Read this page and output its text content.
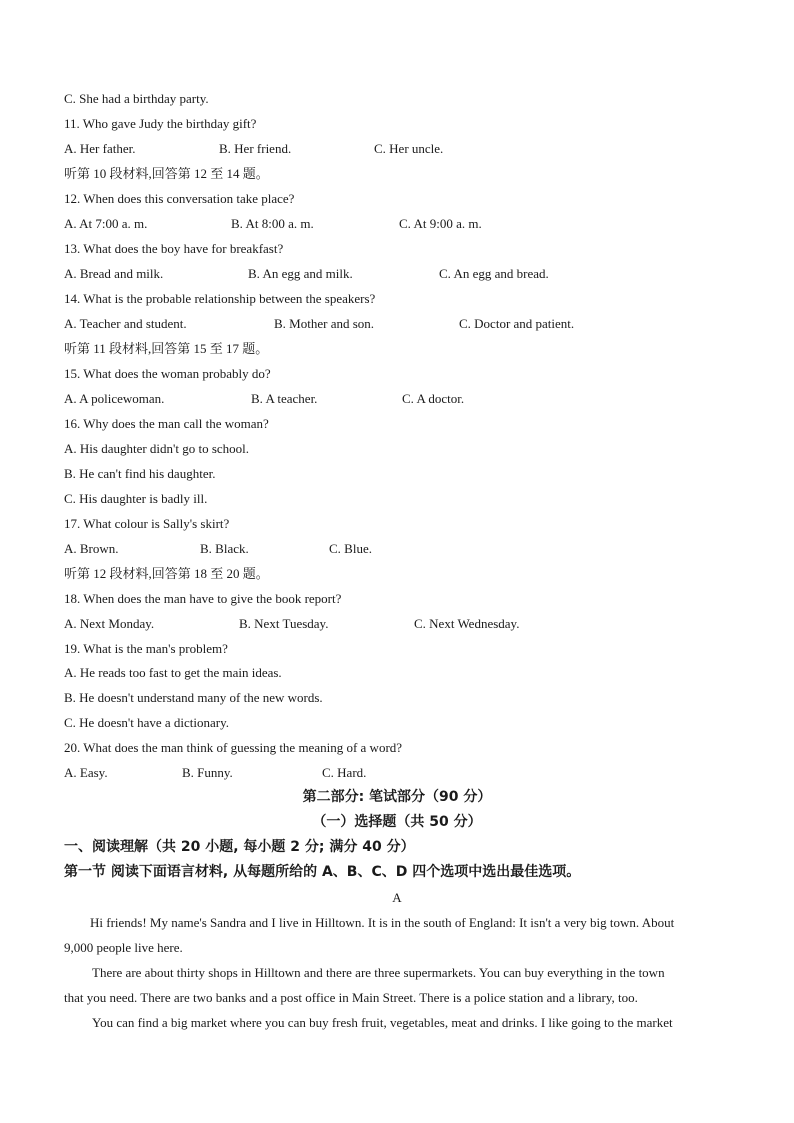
C. She had a birthday party.
11. Who gave Judy the birthday gift?
A. Her father.	B. Her friend.	C. Her uncle.
听第 10 段材料,回答第 12 至 14 题。
12. When does this conversation take place?
A. At 7:00 a. m.	B. At 8:00 a. m.	C. At 9:00 a. m.
13. What does the boy have for breakfast?
A. Bread and milk.	B. An egg and milk.	C. An egg and bread.
14. What is the probable relationship between the speakers?
A. Teacher and student.	B. Mother and son.	C. Doctor and patient.
听第 11 段材料,回答第 15 至 17 题。
15. What does the woman probably do?
A. A policewoman.	B. A teacher.	C. A doctor.
16. Why does the man call the woman?
A. His daughter didn't go to school.
B. He can't find his daughter.
C. His daughter is badly ill.
17. What colour is Sally's skirt?
A. Brown.	B. Black.	C. Blue.
听第 12 段材料,回答第 18 至 20 题。
18. When does the man have to give the book report?
A. Next Monday.	B. Next Tuesday.	C. Next Wednesday.
19. What is the man's problem?
A. He reads too fast to get the main ideas.
B. He doesn't understand many of the new words.
C. He doesn't have a dictionary.
20. What does the man think of guessing the meaning of a word?
A. Easy.	B. Funny.	C. Hard.
第二部分: 笔试部分（90 分）
（一）选择题（共 50 分）
一、阅读理解（共 20 小题, 每小题 2 分; 满分 40 分）
第一节 阅读下面语言材料, 从每题所给的 A、B、C、D 四个选项中选出最佳选项。
A
Hi friends! My name's Sandra and I live in Hilltown. It is in the south of England: It isn't a very big town. About
9,000 people live here.
There are about thirty shops in Hilltown and there are three supermarkets. You can buy everything in the town
that you need. There are two banks and a post office in Main Street. There is a police station and a library, too.
You can find a big market where you can buy fresh fruit, vegetables, meat and drinks. I like going to the market
